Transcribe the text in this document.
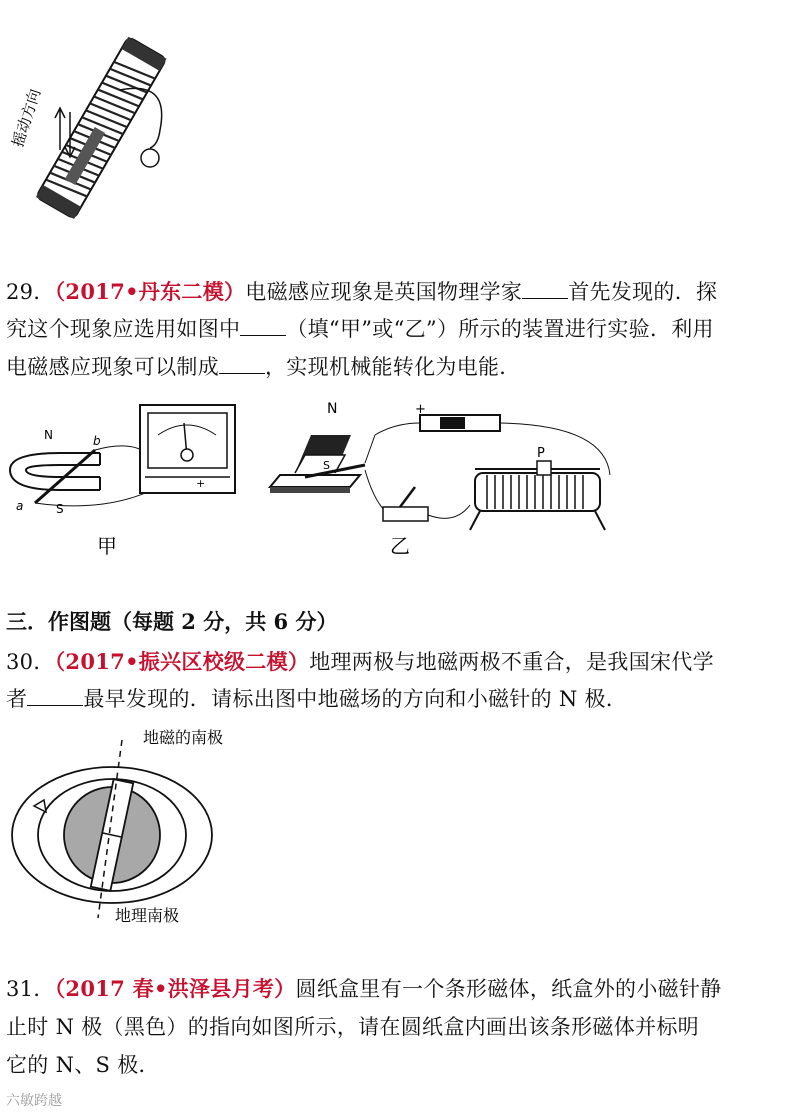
摇动方向
29．（2017•丹东二模）电磁感应现象是英国物理学家 首先发现的．探
究这个现象应选用如图中 （填“甲”或“乙”）所示的装置进行实验．利用
电磁感应现象可以制成 ，实现机械能转化为电能．
N	b
S
a
+
甲
N
S
P
+
乙
三．作图题（每题 2 分，共 6 分）
30．（2017•振兴区校级二模）地理两极与地磁两极不重合，是我国宋代学
者	最早发现的．请标出图中地磁场的方向和小磁针的 N 极．
地磁的南极
地理南极
31．（2017 春•洪泽县月考）圆纸盒里有一个条形磁体，纸盒外的小磁针静
止时 N 极（黑色）的指向如图所示，请在圆纸盒内画出该条形磁体并标明
它的 N、S 极．
六敏跨越
